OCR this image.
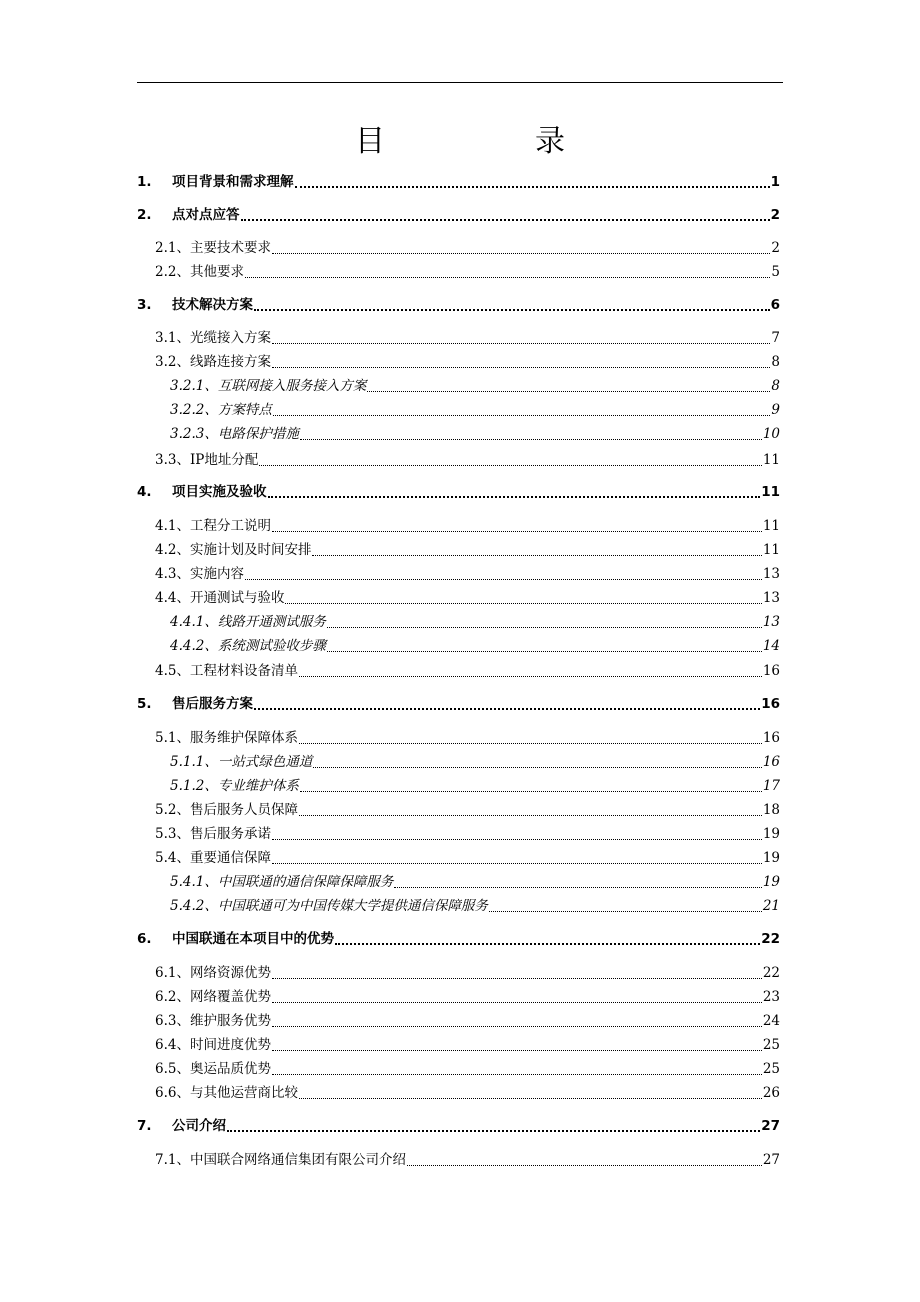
目　　录
1.	项目背景和需求理解	1
2.	点对点应答	2
2.1、主要技术要求	2
2.2、其他要求	5
3.	技术解决方案	6
3.1、光缆接入方案	7
3.2、线路连接方案	8
3.2.1、互联网接入服务接入方案	8
3.2.2、方案特点	9
3.2.3、电路保护措施	10
3.3、IP地址分配	11
4.	项目实施及验收	11
4.1、工程分工说明	11
4.2、实施计划及时间安排	11
4.3、实施内容	13
4.4、开通测试与验收	13
4.4.1、线路开通测试服务	13
4.4.2、系统测试验收步骤	14
4.5、工程材料设备清单	16
5.	售后服务方案	16
5.1、服务维护保障体系	16
5.1.1、一站式绿色通道	16
5.1.2、专业维护体系	17
5.2、售后服务人员保障	18
5.3、售后服务承诺	19
5.4、重要通信保障	19
5.4.1、中国联通的通信保障保障服务	19
5.4.2、中国联通可为中国传媒大学提供通信保障服务	21
6.	中国联通在本项目中的优势	22
6.1、网络资源优势	22
6.2、网络覆盖优势	23
6.3、维护服务优势	24
6.4、时间进度优势	25
6.5、奥运品质优势	25
6.6、与其他运营商比较	26
7.	公司介绍	27
7.1、中国联合网络通信集团有限公司介绍	27
